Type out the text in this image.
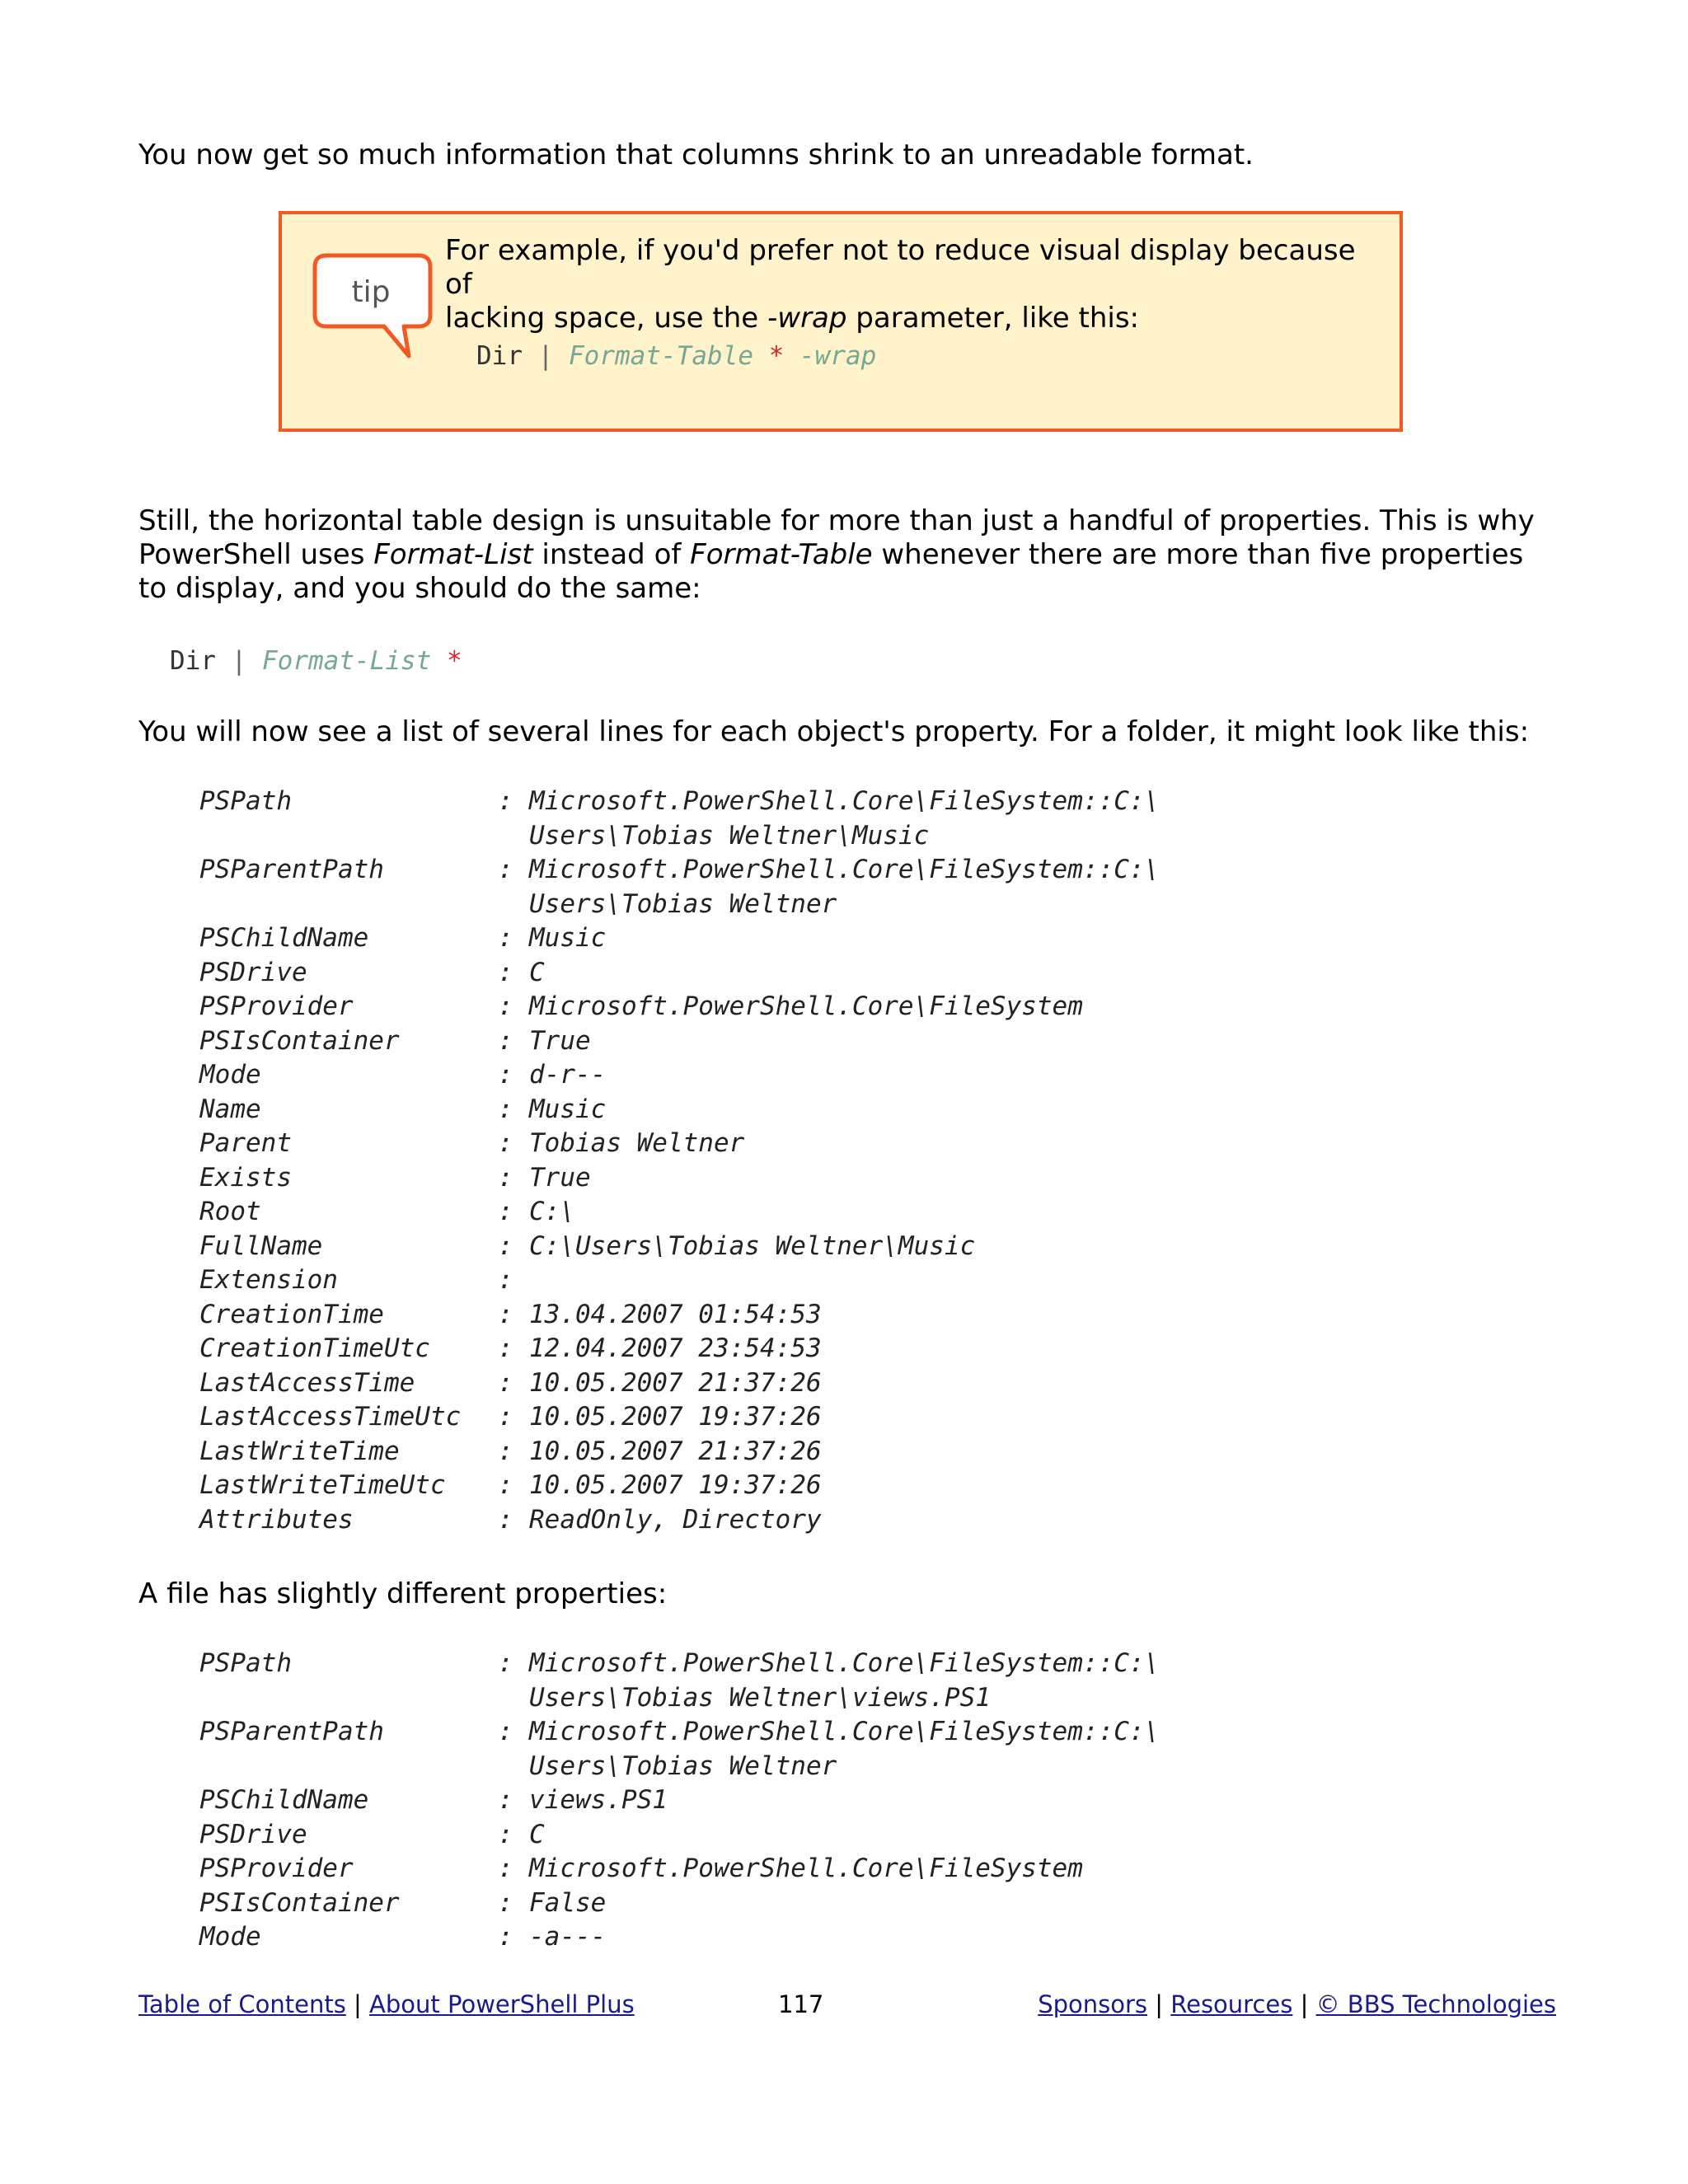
You now get so much information that columns shrink to an unreadable format.

tip

For example, if you'd prefer not to reduce visual display because of
lacking space, use the -wrap parameter, like this:

Dir | Format-Table * -wrap

Still, the horizontal table design is unsuitable for more than just a handful of properties. This is why PowerShell uses Format-List instead of Format-Table whenever there are more than five properties to display, and you should do the same:

Dir | Format-List *

You will now see a list of several lines for each object's property. For a folder, it might look like this:

PSPath	: Microsoft.PowerShell.Core\FileSystem::C:\
Users\Tobias Weltner\Music
PSParentPath	: Microsoft.PowerShell.Core\FileSystem::C:\
Users\Tobias Weltner
PSChildName	: Music
PSDrive	: C
PSProvider	: Microsoft.PowerShell.Core\FileSystem
PSIsContainer	: True
Mode	: d-r--
Name	: Music
Parent	: Tobias Weltner
Exists	: True
Root	: C:\
FullName	: C:\Users\Tobias Weltner\Music
Extension	:
CreationTime	: 13.04.2007 01:54:53
CreationTimeUtc	: 12.04.2007 23:54:53
LastAccessTime	: 10.05.2007 21:37:26
LastAccessTimeUtc	: 10.05.2007 19:37:26
LastWriteTime	: 10.05.2007 21:37:26
LastWriteTimeUtc	: 10.05.2007 19:37:26
Attributes	: ReadOnly, Directory

A file has slightly different properties:

PSPath	: Microsoft.PowerShell.Core\FileSystem::C:\
Users\Tobias Weltner\views.PS1
PSParentPath	: Microsoft.PowerShell.Core\FileSystem::C:\
Users\Tobias Weltner
PSChildName	: views.PS1
PSDrive	: C
PSProvider	: Microsoft.PowerShell.Core\FileSystem
PSIsContainer	: False
Mode	: -a---
Table of Contents | About PowerShell Plus	117	Sponsors | Resources | © BBS Technologies
